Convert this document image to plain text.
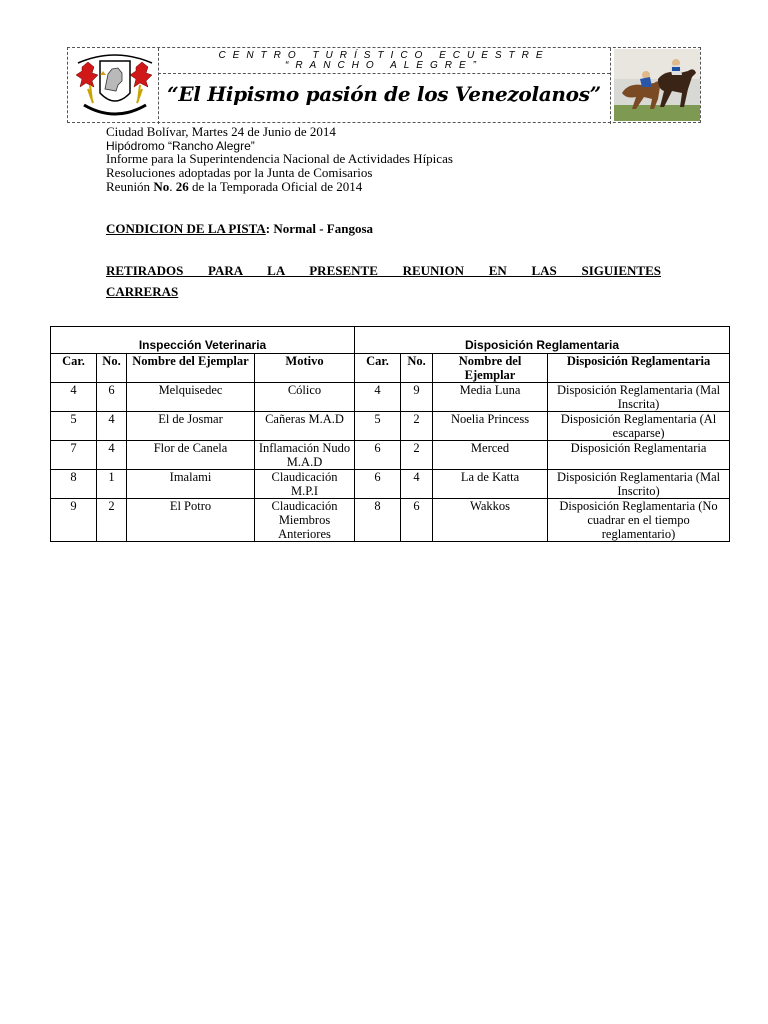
CENTRO TURÍSTICO ECUESTRE
“RANCHO ALEGRE”
“El Hipismo pasión de los Venezolanos”
Ciudad Bolívar, Martes 24 de Junio de 2014
Hipódromo “Rancho Alegre”
Informe para la Superintendencia Nacional de Actividades Hípicas
Resoluciones adoptadas por la Junta de Comisarios
Reunión No. 26 de la Temporada Oficial de 2014
CONDICION DE LA PISTA: Normal - Fangosa
RETIRADOS PARA LA PRESENTE REUNION EN LAS SIGUIENTES
CARRERAS
Inspección Veterinaria				Disposición Reglamentaria			
Car.	No.	Nombre del Ejemplar	Motivo	Car.	No.	Nombre del Ejemplar	Disposición Reglamentaria
4	6	Melquisedec	Cólico	4	9	Media Luna	Disposición Reglamentaria (Mal Inscrita)
5	4	El de Josmar	Cañeras M.A.D	5	2	Noelia Princess	Disposición Reglamentaria (Al escaparse)
7	4	Flor de Canela	Inflamación Nudo M.A.D	6	2	Merced	Disposición Reglamentaria
8	1	Imalami	Claudicación M.P.I	6	4	La de Katta	Disposición Reglamentaria (Mal Inscrito)
9	2	El Potro	Claudicación Miembros Anteriores	8	6	Wakkos	Disposición Reglamentaria (No cuadrar en el tiempo reglamentario)
